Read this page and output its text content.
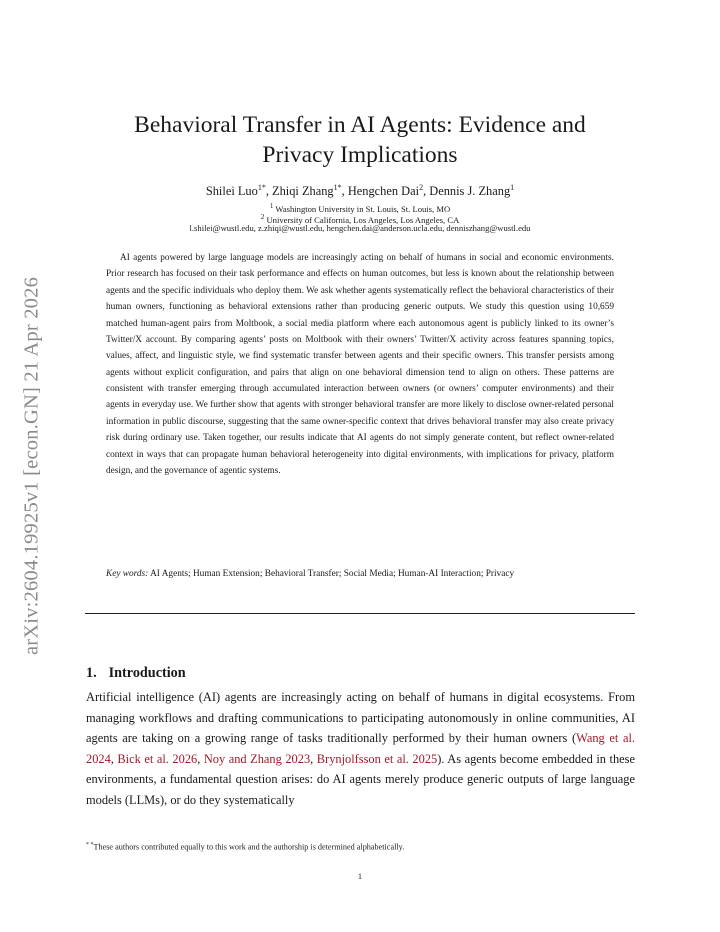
arXiv:2604.19925v1 [econ.GN] 21 Apr 2026
Behavioral Transfer in AI Agents: Evidence and
Privacy Implications
Shilei Luo$^{1*}$, Zhiqi Zhang$^{1*}$, Hengchen Dai$^2$, Dennis J. Zhang$^1$
$^1$ Washington University in St. Louis, St. Louis, MO
$^2$ University of California, Los Angeles, Los Angeles, CA
l.shilei@wustl.edu, z.zhiqi@wustl.edu, hengchen.dai@anderson.ucla.edu, denniszhang@wustl.edu

AI agents powered by large language models are increasingly acting on behalf of humans in social and economic environments. Prior research has focused on their task performance and effects on human outcomes, but less is known about the relationship between agents and the specific individuals who deploy them. We ask whether agents systematically reflect the behavioral characteristics of their human owners, functioning as behavioral extensions rather than producing generic outputs. We study this question using 10,659 matched human-agent pairs from Moltbook, a social media platform where each autonomous agent is publicly linked to its owner’s Twitter/X account. By comparing agents’ posts on Moltbook with their owners’ Twitter/X activity across features spanning topics, values, affect, and linguistic style, we find systematic transfer between agents and their specific owners. This transfer persists among agents without explicit configuration, and pairs that align on one behavioral dimension tend to align on others. These patterns are consistent with transfer emerging through accumulated interaction between owners (or owners’ computer environments) and their agents in everyday use. We further show that agents with stronger behavioral transfer are more likely to disclose owner-related personal information in public discourse, suggesting that the same owner-specific context that drives behavioral transfer may also create privacy risk during ordinary use. Taken together, our results indicate that AI agents do not simply generate content, but reflect owner-related context in ways that can propagate human behavioral heterogeneity into digital environments, with implications for privacy, platform design, and the governance of agentic systems.

Key words: AI Agents; Human Extension; Behavioral Transfer; Social Media; Human-AI Interaction; Privacy

1. Introduction

Artificial intelligence (AI) agents are increasingly acting on behalf of humans in digital ecosystems. From managing workflows and drafting communications to participating autonomously in online communities, AI agents are taking on a growing range of tasks traditionally performed by their human owners (Wang et al. 2024, Bick et al. 2026, Noy and Zhang 2023, Brynjolfsson et al. 2025). As agents become embedded in these environments, a fundamental question arises: do AI agents merely produce generic outputs of large language models (LLMs), or do they systematically

* *These authors contributed equally to this work and the authorship is determined alphabetically.
1
